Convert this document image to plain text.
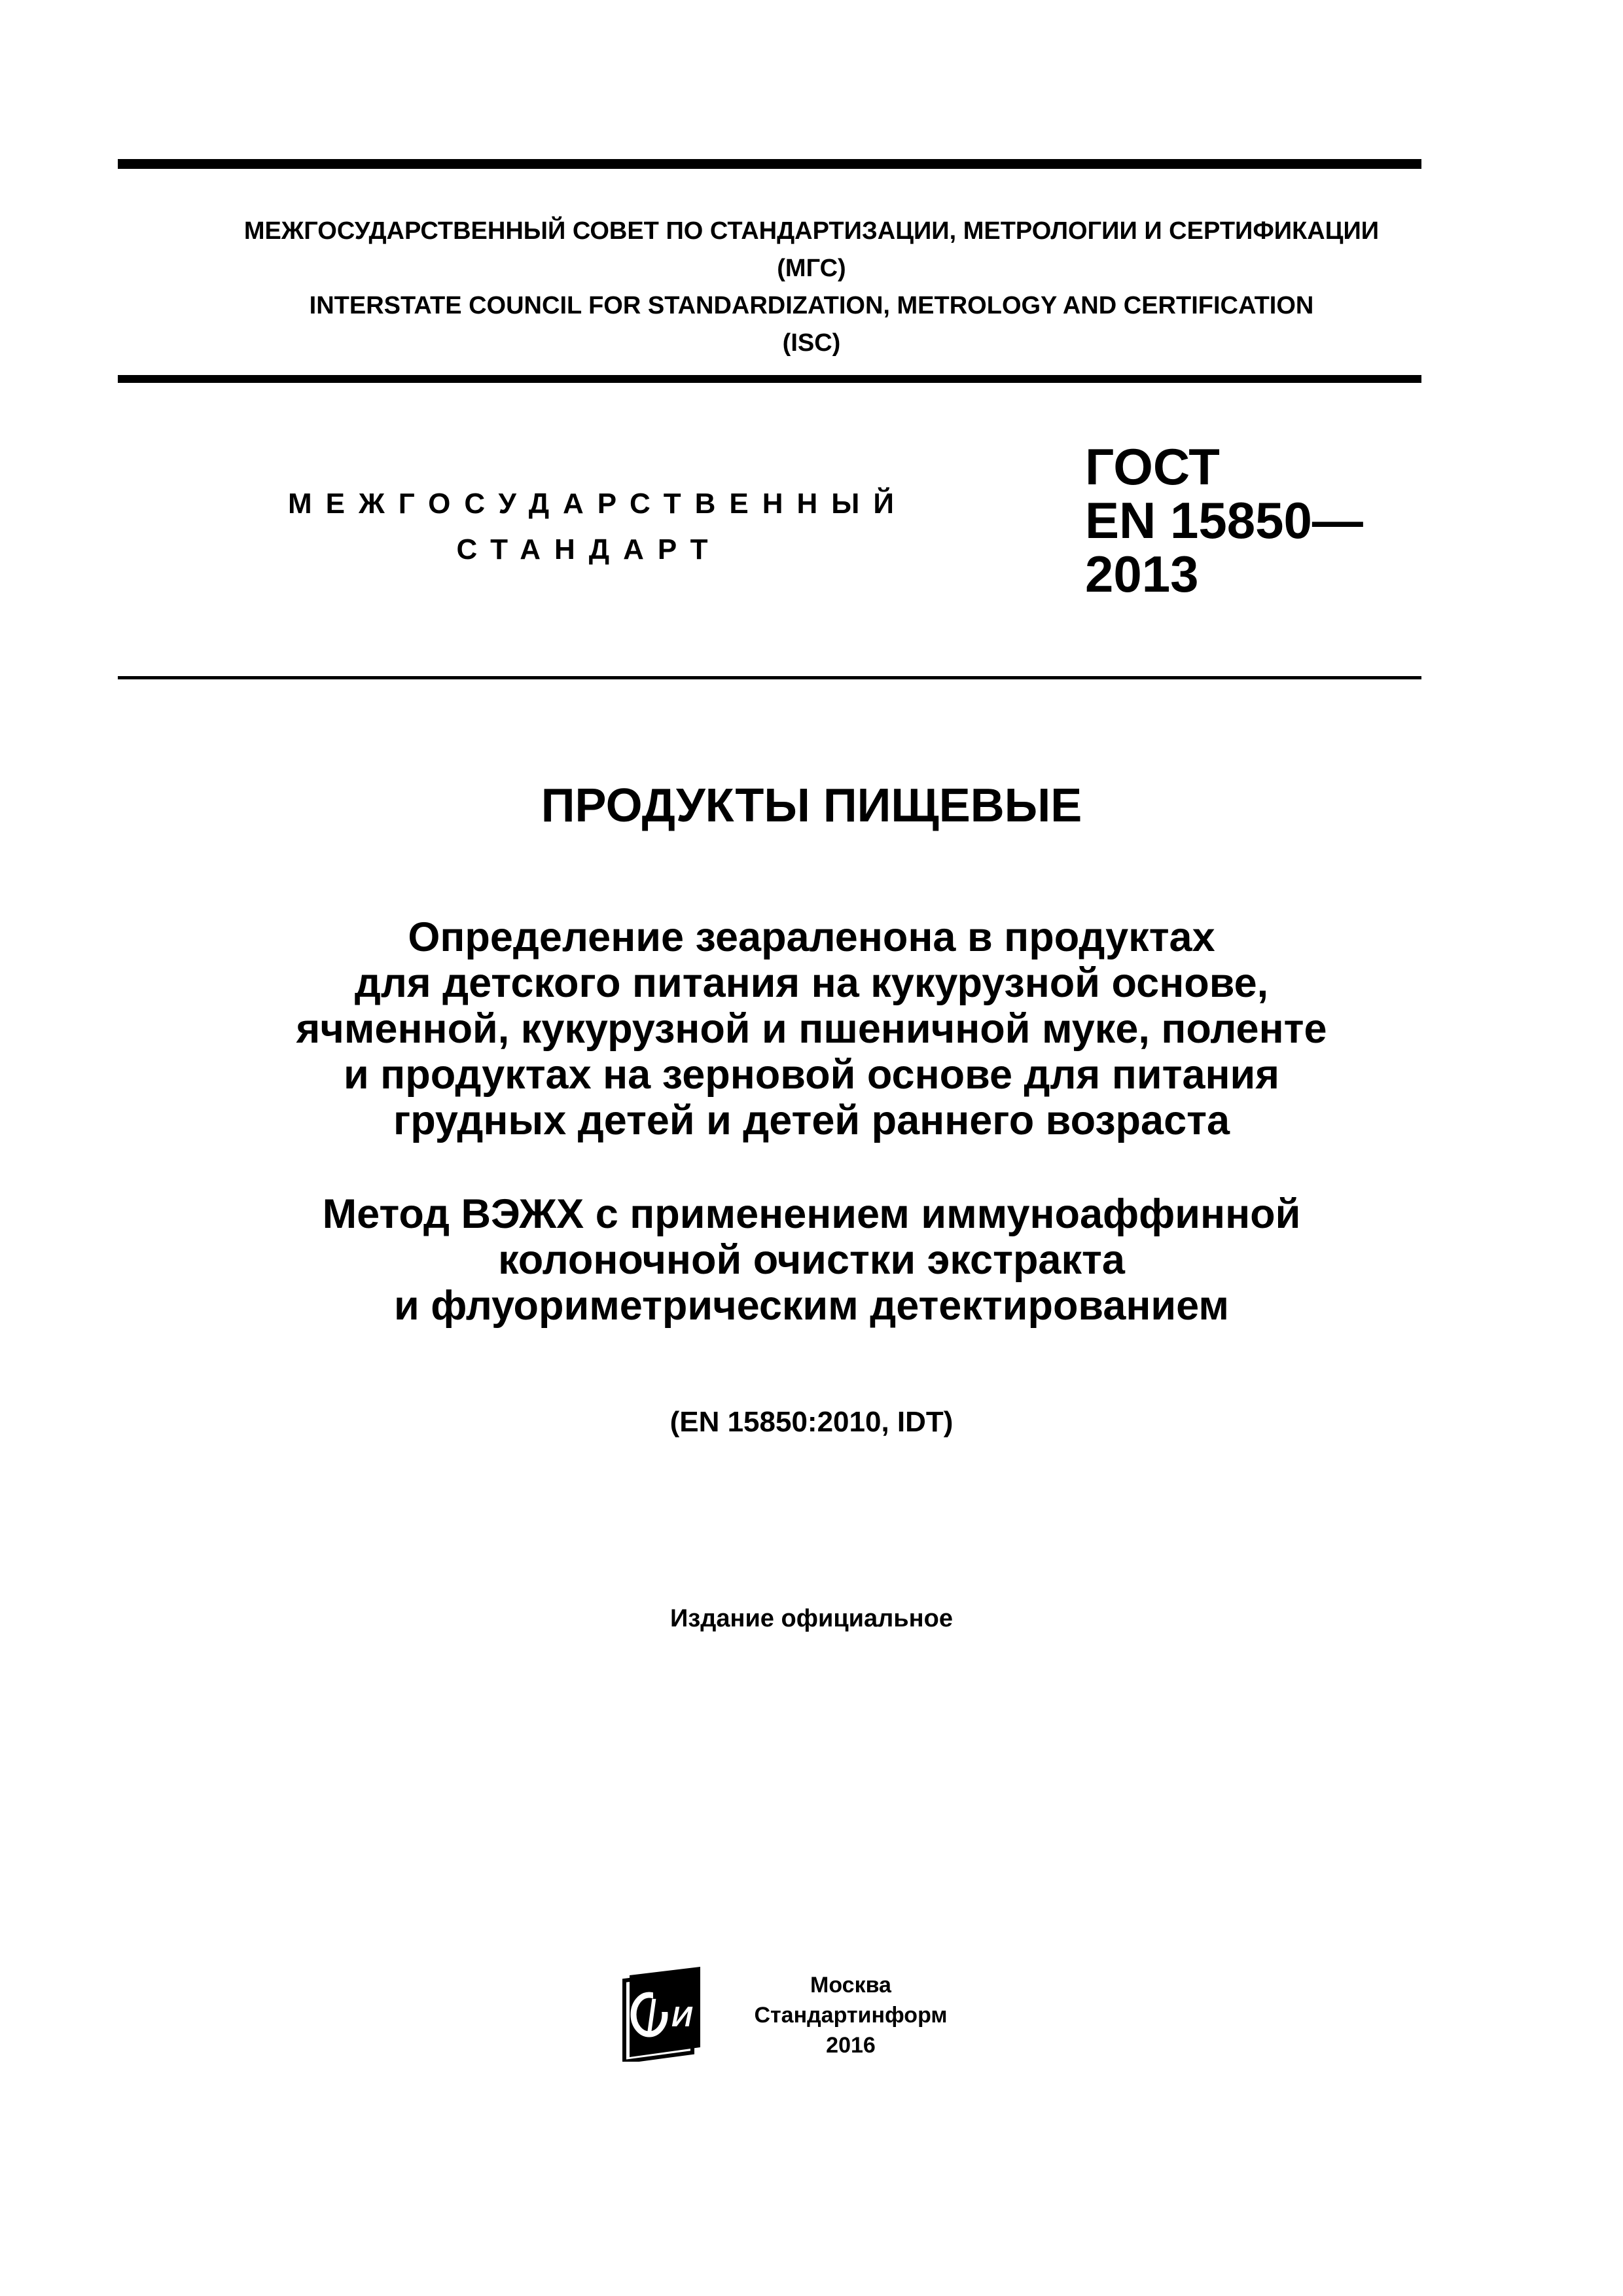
МЕЖГОСУДАРСТВЕННЫЙ СОВЕТ ПО СТАНДАРТИЗАЦИИ, МЕТРОЛОГИИ И СЕРТИФИКАЦИИ
(МГС)
INTERSTATE COUNCIL FOR STANDARDIZATION, METROLOGY AND CERTIFICATION
(ISC)
МЕЖГОСУДАРСТВЕННЫЙ
СТАНДАРТ
ГОСТ
EN 15850—
2013
ПРОДУКТЫ ПИЩЕВЫЕ
Определение зеараленона в продуктах
для детского питания на кукурузной основе,
ячменной, кукурузной и пшеничной муке, поленте
и продуктах на зерновой основе для питания
грудных детей и детей раннего возраста
Метод ВЭЖХ с применением иммуноаффинной
колоночной очистки экстракта
и флуориметрическим детектированием
(EN 15850:2010, IDT)
Издание официальное
И
Москва
Стандартинформ
2016
